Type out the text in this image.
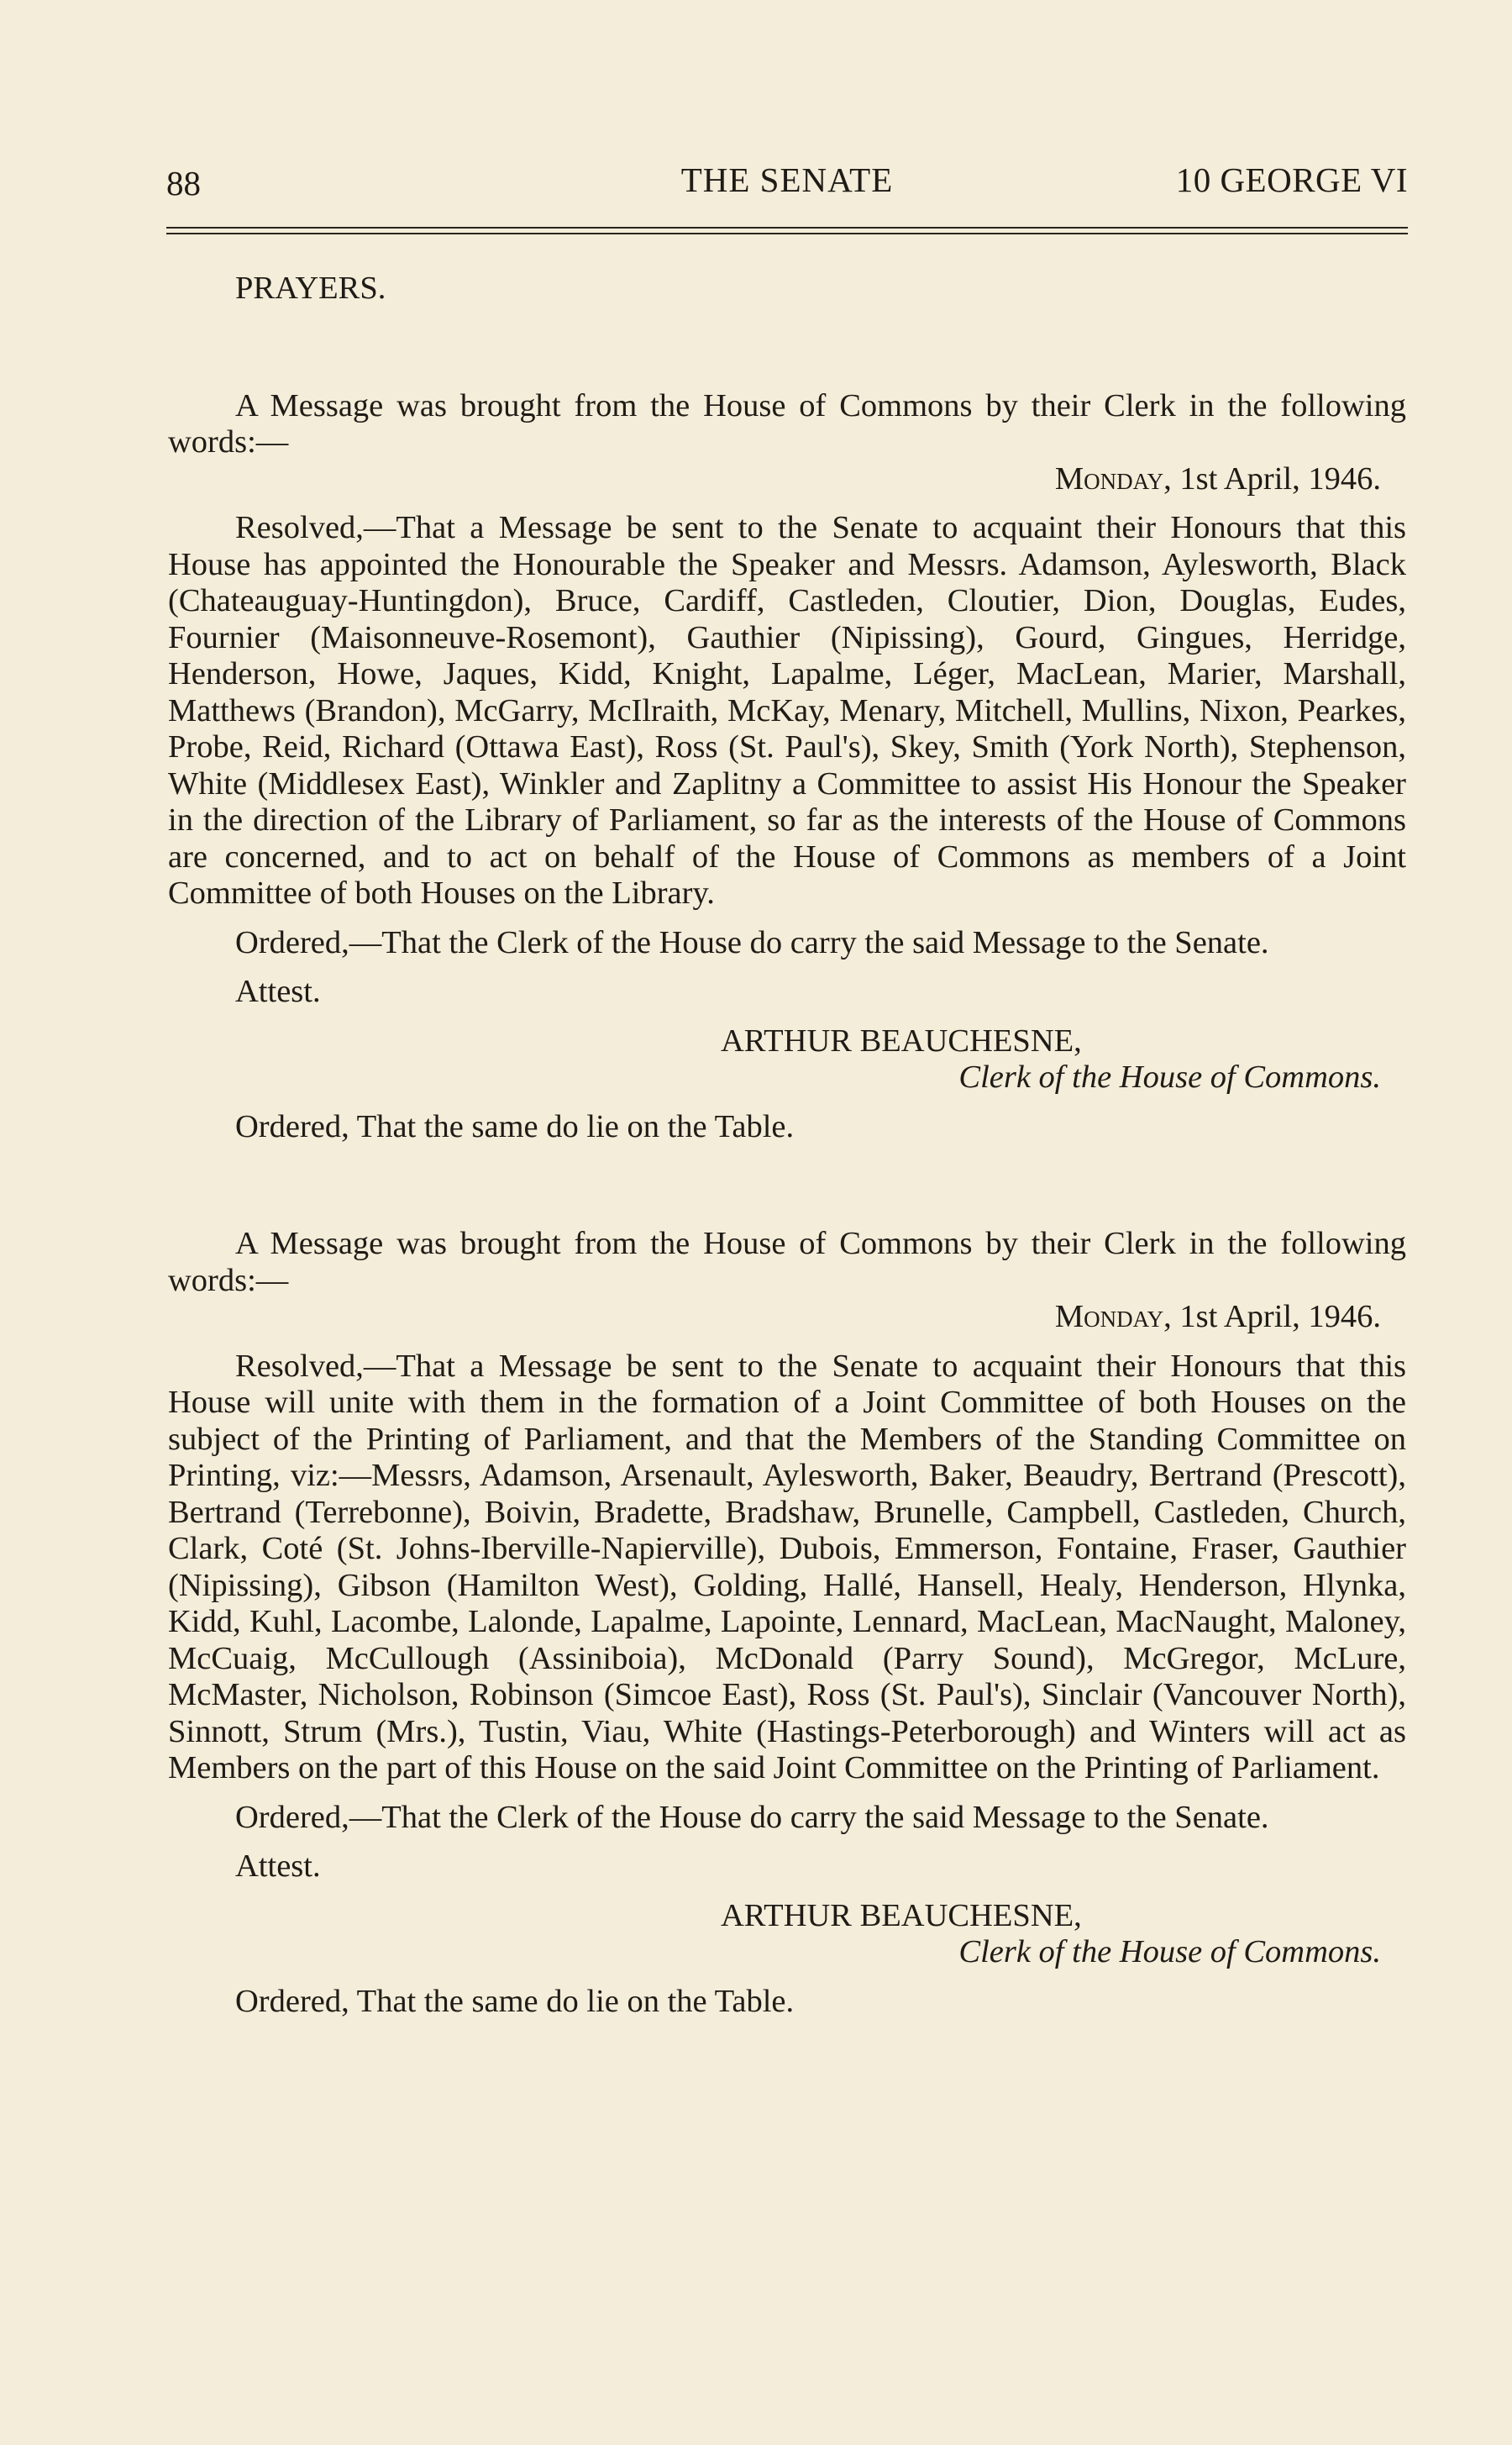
88	THE SENATE	10 GEORGE VI

PRAYERS.

A Message was brought from the House of Commons by their Clerk in the following words:—

Monday, 1st April, 1946.

Resolved,—That a Message be sent to the Senate to acquaint their Honours that this House has appointed the Honourable the Speaker and Messrs. Adamson, Aylesworth, Black (Chateauguay-Huntingdon), Bruce, Cardiff, Castleden, Cloutier, Dion, Douglas, Eudes, Fournier (Maisonneuve-Rosemont), Gauthier (Nipissing), Gourd, Gingues, Herridge, Henderson, Howe, Jaques, Kidd, Knight, Lapalme, Léger, MacLean, Marier, Marshall, Matthews (Brandon), McGarry, McIlraith, McKay, Menary, Mitchell, Mullins, Nixon, Pearkes, Probe, Reid, Richard (Ottawa East), Ross (St. Paul's), Skey, Smith (York North), Stephenson, White (Middlesex East), Winkler and Zaplitny a Committee to assist His Honour the Speaker in the direction of the Library of Parliament, so far as the interests of the House of Commons are concerned, and to act on behalf of the House of Commons as members of a Joint Committee of both Houses on the Library.

Ordered,—That the Clerk of the House do carry the said Message to the Senate.

Attest.

ARTHUR BEAUCHESNE,

Clerk of the House of Commons.

Ordered, That the same do lie on the Table.

A Message was brought from the House of Commons by their Clerk in the following words:—

Monday, 1st April, 1946.

Resolved,—That a Message be sent to the Senate to acquaint their Honours that this House will unite with them in the formation of a Joint Committee of both Houses on the subject of the Printing of Parliament, and that the Members of the Standing Committee on Printing, viz:—Messrs, Adamson, Arsenault, Aylesworth, Baker, Beaudry, Bertrand (Prescott), Bertrand (Terrebonne), Boivin, Bradette, Bradshaw, Brunelle, Campbell, Castleden, Church, Clark, Coté (St. Johns-Iberville-Napierville), Dubois, Emmerson, Fontaine, Fraser, Gauthier (Nipissing), Gibson (Hamilton West), Golding, Hallé, Hansell, Healy, Henderson, Hlynka, Kidd, Kuhl, Lacombe, Lalonde, Lapalme, Lapointe, Lennard, MacLean, MacNaught, Maloney, McCuaig, McCullough (Assiniboia), McDonald (Parry Sound), McGregor, McLure, McMaster, Nicholson, Robinson (Simcoe East), Ross (St. Paul's), Sinclair (Vancouver North), Sinnott, Strum (Mrs.), Tustin, Viau, White (Hastings-Peterborough) and Winters will act as Members on the part of this House on the said Joint Committee on the Printing of Parliament.

Ordered,—That the Clerk of the House do carry the said Message to the Senate.

Attest.

ARTHUR BEAUCHESNE,

Clerk of the House of Commons.

Ordered, That the same do lie on the Table.
